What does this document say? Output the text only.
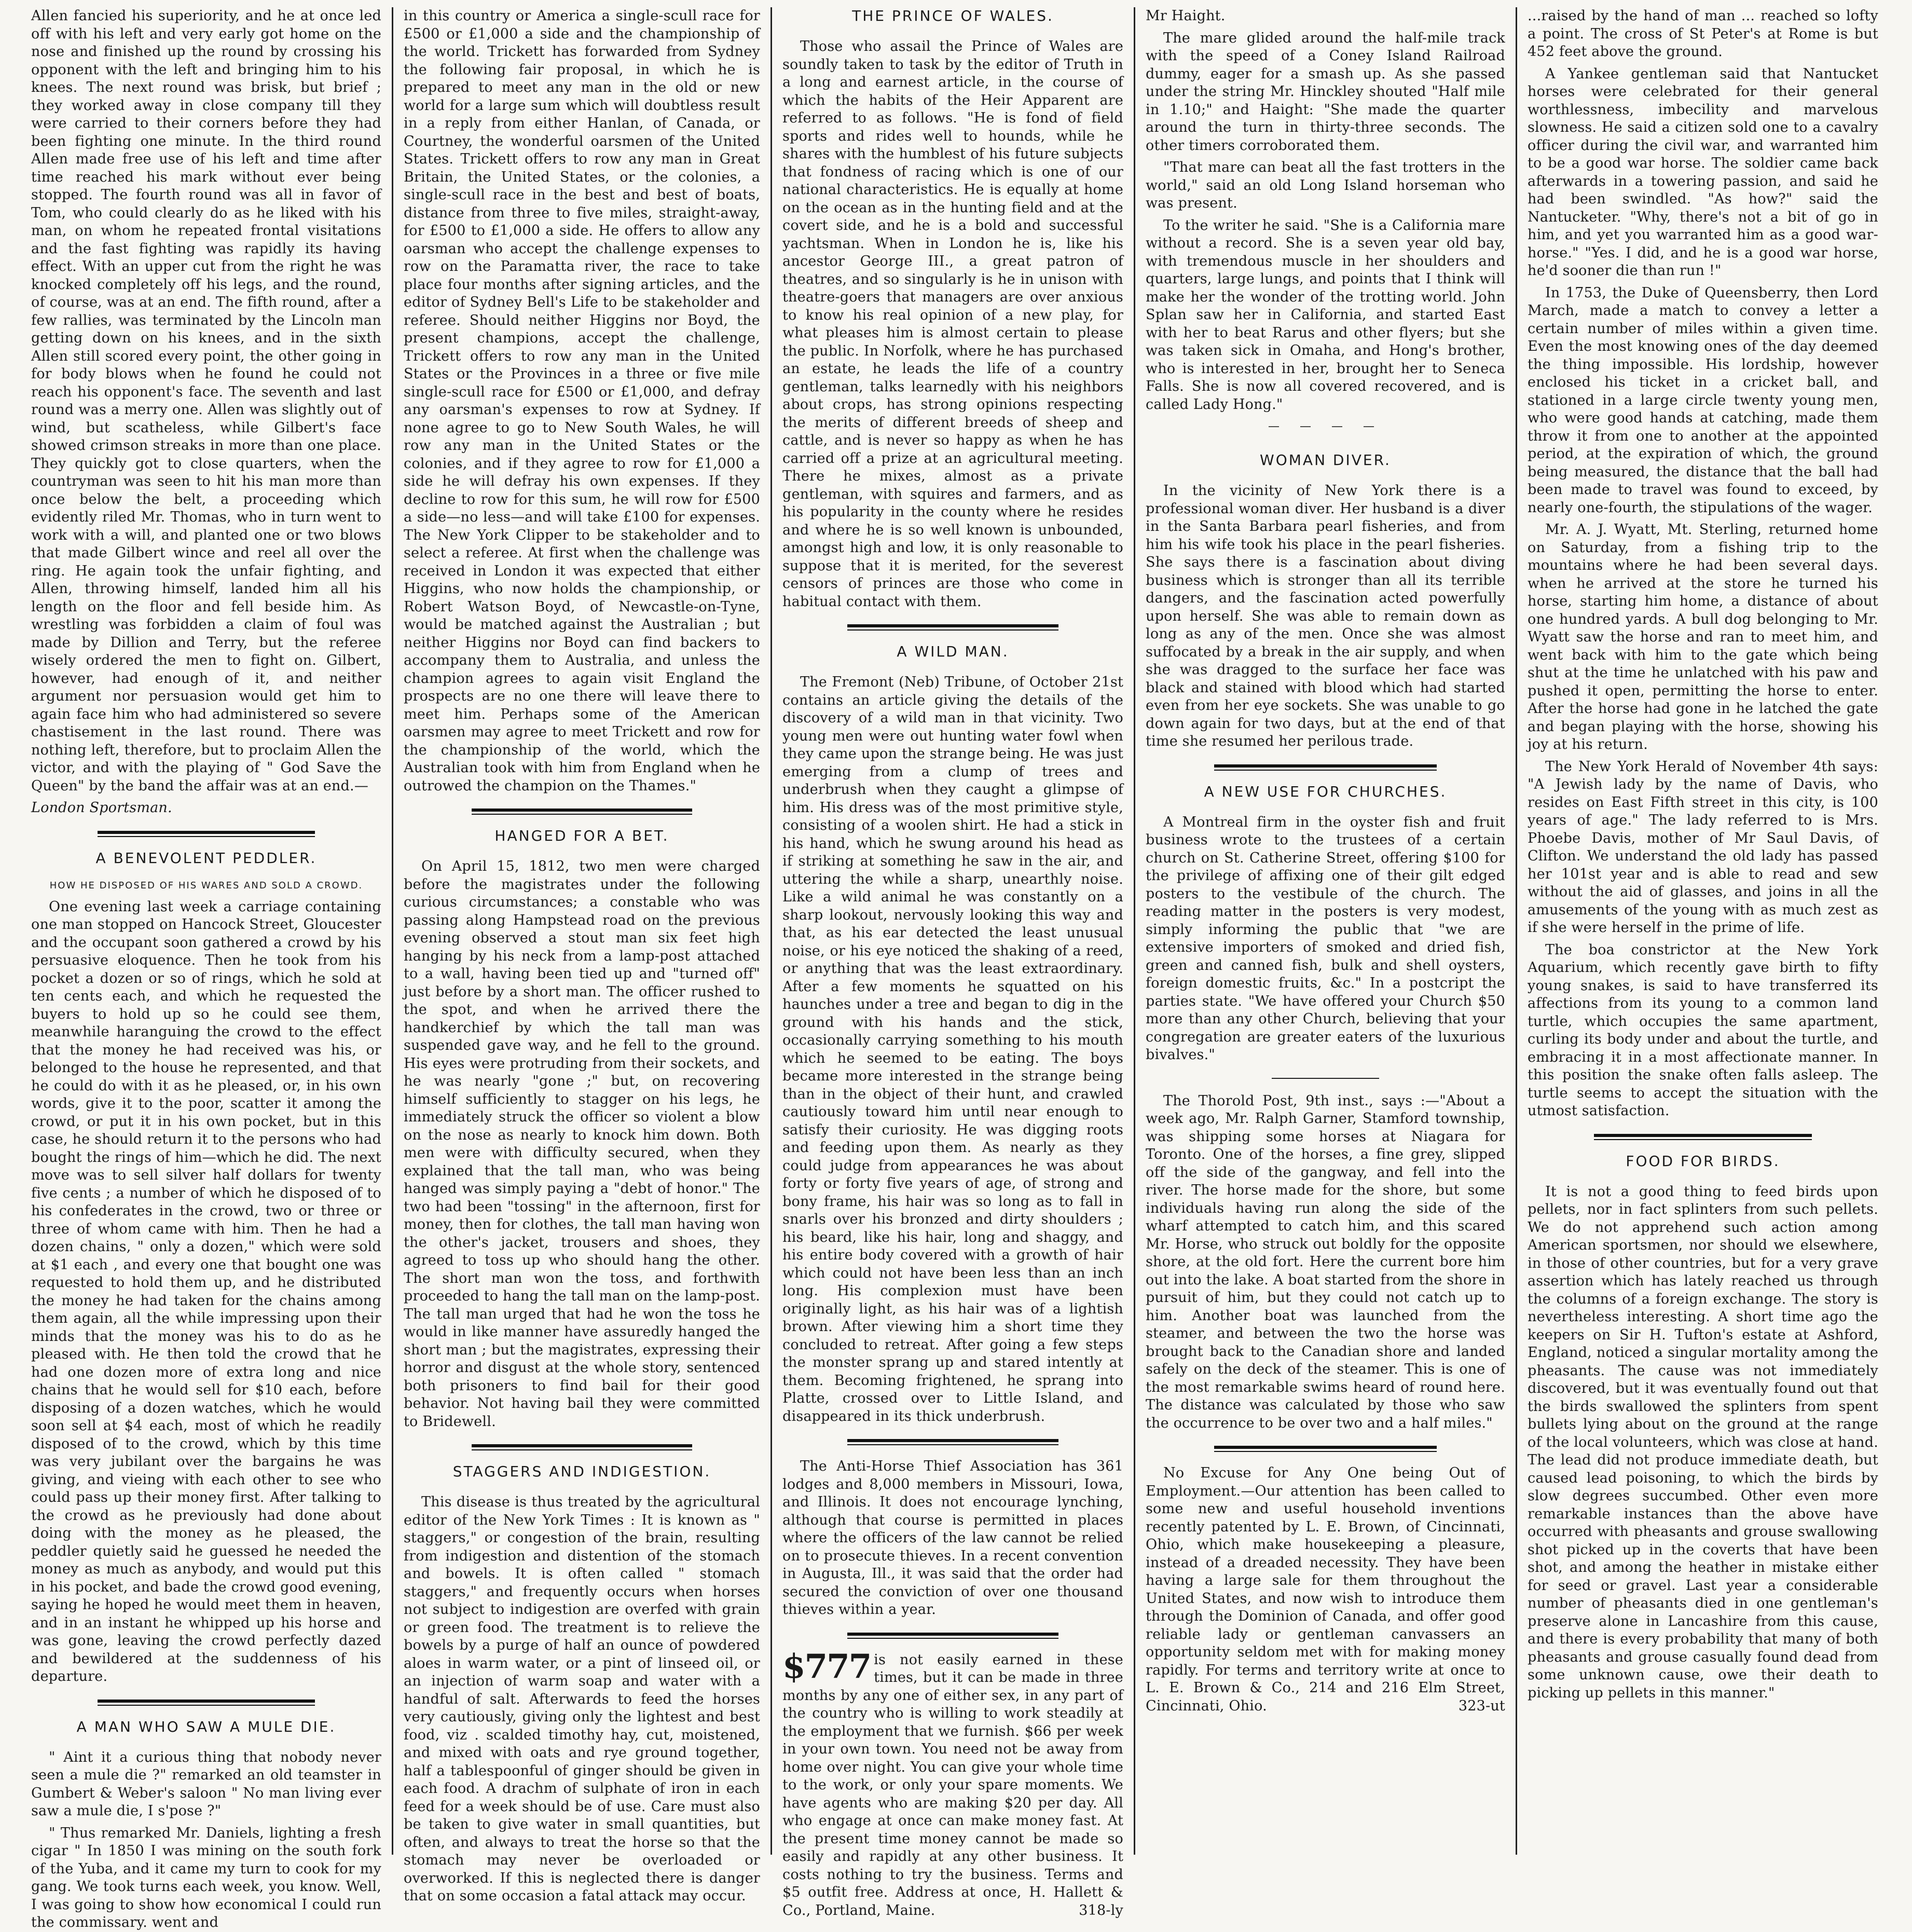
Allen fancied his superiority, and he at once led off with his left and very early got home on the nose and finished up the round by crossing his opponent with the left and bringing him to his knees. The next round was brisk, but brief ; they worked away in close company till they were carried to their corners before they had been fighting one minute. In the third round Allen made free use of his left and time after time reached his mark without ever being stopped. The fourth round was all in favor of Tom, who could clearly do as he liked with his man, on whom he repeated frontal visitations and the fast fighting was rapidly its having effect. With an upper cut from the right he was knocked completely off his legs, and the round, of course, was at an end. The fifth round, after a few rallies, was terminated by the Lincoln man getting down on his knees, and in the sixth Allen still scored every point, the other going in for body blows when he found he could not reach his opponent's face. The seventh and last round was a merry one. Allen was slightly out of wind, but scatheless, while Gilbert's face showed crimson streaks in more than one place. They quickly got to close quarters, when the countryman was seen to hit his man more than once below the belt, a proceeding which evidently riled Mr. Thomas, who in turn went to work with a will, and planted one or two blows that made Gilbert wince and reel all over the ring. He again took the unfair fighting, and Allen, throwing himself, landed him all his length on the floor and fell beside him. As wrestling was forbidden a claim of foul was made by Dillion and Terry, but the referee wisely ordered the men to fight on. Gilbert, however, had enough of it, and neither argument nor persuasion would get him to again face him who had administered so severe chastisement in the last round. There was nothing left, therefore, but to proclaim Allen the victor, and with the playing of " God Save the Queen" by the band the affair was at an end.—

London Sportsman.

A BENEVOLENT PEDDLER.
HOW HE DISPOSED OF HIS WARES AND SOLD A CROWD.

One evening last week a carriage containing one man stopped on Hancock Street, Gloucester and the occupant soon gathered a crowd by his persuasive eloquence. Then he took from his pocket a dozen or so of rings, which he sold at ten cents each, and which he requested the buyers to hold up so he could see them, meanwhile haranguing the crowd to the effect that the money he had received was his, or belonged to the house he represented, and that he could do with it as he pleased, or, in his own words, give it to the poor, scatter it among the crowd, or put it in his own pocket, but in this case, he should return it to the persons who had bought the rings of him—which he did. The next move was to sell silver half dollars for twenty five cents ; a number of which he disposed of to his confederates in the crowd, two or three or three of whom came with him. Then he had a dozen chains, " only a dozen," which were sold at $1 each , and every one that bought one was requested to hold them up, and he distributed the money he had taken for the chains among them again, all the while impressing upon their minds that the money was his to do as he pleased with. He then told the crowd that he had one dozen more of extra long and nice chains that he would sell for $10 each, before disposing of a dozen watches, which he would soon sell at $4 each, most of which he readily disposed of to the crowd, which by this time was very jubilant over the bargains he was giving, and vieing with each other to see who could pass up their money first. After talking to the crowd as he previously had done about doing with the money as he pleased, the peddler quietly said he guessed he needed the money as much as anybody, and would put this in his pocket, and bade the crowd good evening, saying he hoped he would meet them in heaven, and in an instant he whipped up his horse and was gone, leaving the crowd perfectly dazed and bewildered at the suddenness of his departure.

A MAN WHO SAW A MULE DIE.

" Aint it a curious thing that nobody never seen a mule die ?" remarked an old teamster in Gumbert & Weber's saloon " No man living ever saw a mule die, I s'pose ?"

" Thus remarked Mr. Daniels, lighting a fresh cigar " In 1850 I was mining on the south fork of the Yuba, and it came my turn to cook for my gang. We took turns each week, you know. Well, I was going to show how economical I could run the commissary. went and

in this country or America a single-scull race for £500 or £1,000 a side and the championship of the world. Trickett has forwarded from Sydney the following fair proposal, in which he is prepared to meet any man in the old or new world for a large sum which will doubtless result in a reply from either Hanlan, of Canada, or Courtney, the wonderful oarsmen of the United States. Trickett offers to row any man in Great Britain, the United States, or the colonies, a single-scull race in the best and best of boats, distance from three to five miles, straight-away, for £500 to £1,000 a side. He offers to allow any oarsman who accept the challenge expenses to row on the Paramatta river, the race to take place four months after signing articles, and the editor of Sydney Bell's Life to be stakeholder and referee. Should neither Higgins nor Boyd, the present champions, accept the challenge, Trickett offers to row any man in the United States or the Provinces in a three or five mile single-scull race for £500 or £1,000, and defray any oarsman's expenses to row at Sydney. If none agree to go to New South Wales, he will row any man in the United States or the colonies, and if they agree to row for £1,000 a side he will defray his own expenses. If they decline to row for this sum, he will row for £500 a side—no less—and will take £100 for expenses. The New York Clipper to be stakeholder and to select a referee. At first when the challenge was received in London it was expected that either Higgins, who now holds the championship, or Robert Watson Boyd, of Newcastle-on-Tyne, would be matched against the Australian ; but neither Higgins nor Boyd can find backers to accompany them to Australia, and unless the champion agrees to again visit England the prospects are no one there will leave there to meet him. Perhaps some of the American oarsmen may agree to meet Trickett and row for the championship of the world, which the Australian took with him from England when he outrowed the champion on the Thames."

HANGED FOR A BET.

On April 15, 1812, two men were charged before the magistrates under the following curious circumstances; a constable who was passing along Hampstead road on the previous evening observed a stout man six feet high hanging by his neck from a lamp-post attached to a wall, having been tied up and "turned off" just before by a short man. The officer rushed to the spot, and when he arrived there the handkerchief by which the tall man was suspended gave way, and he fell to the ground. His eyes were protruding from their sockets, and he was nearly "gone ;" but, on recovering himself sufficiently to stagger on his legs, he immediately struck the officer so violent a blow on the nose as nearly to knock him down. Both men were with difficulty secured, when they explained that the tall man, who was being hanged was simply paying a "debt of honor." The two had been "tossing" in the afternoon, first for money, then for clothes, the tall man having won the other's jacket, trousers and shoes, they agreed to toss up who should hang the other. The short man won the toss, and forthwith proceeded to hang the tall man on the lamp-post. The tall man urged that had he won the toss he would in like manner have assuredly hanged the short man ; but the magistrates, expressing their horror and disgust at the whole story, sentenced both prisoners to find bail for their good behavior. Not having bail they were committed to Bridewell.

STAGGERS AND INDIGESTION.

This disease is thus treated by the agricultural editor of the New York Times : It is known as " staggers," or congestion of the brain, resulting from indigestion and distention of the stomach and bowels. It is often called " stomach staggers," and frequently occurs when horses not subject to indigestion are overfed with grain or green food. The treatment is to relieve the bowels by a purge of half an ounce of powdered aloes in warm water, or a pint of linseed oil, or an injection of warm soap and water with a handful of salt. Afterwards to feed the horses very cautiously, giving only the lightest and best food, viz . scalded timothy hay, cut, moistened, and mixed with oats and rye ground together, half a tablespoonful of ginger should be given in each food. A drachm of sulphate of iron in each feed for a week should be of use. Care must also be taken to give water in small quantities, but often, and always to treat the horse so that the stomach may never be overloaded or overworked. If this is neglected there is danger that on some occasion a fatal attack may occur.

THE PRINCE OF WALES.

Those who assail the Prince of Wales are soundly taken to task by the editor of Truth in a long and earnest article, in the course of which the habits of the Heir Apparent are referred to as follows. "He is fond of field sports and rides well to hounds, while he shares with the humblest of his future subjects that fondness of racing which is one of our national characteristics. He is equally at home on the ocean as in the hunting field and at the covert side, and he is a bold and successful yachtsman. When in London he is, like his ancestor George III., a great patron of theatres, and so singularly is he in unison with theatre-goers that managers are over anxious to know his real opinion of a new play, for what pleases him is almost certain to please the public. In Norfolk, where he has purchased an estate, he leads the life of a country gentleman, talks learnedly with his neighbors about crops, has strong opinions respecting the merits of different breeds of sheep and cattle, and is never so happy as when he has carried off a prize at an agricultural meeting. There he mixes, almost as a private gentleman, with squires and farmers, and as his popularity in the county where he resides and where he is so well known is unbounded, amongst high and low, it is only reasonable to suppose that it is merited, for the severest censors of princes are those who come in habitual contact with them.

A WILD MAN.

The Fremont (Neb) Tribune, of October 21st contains an article giving the details of the discovery of a wild man in that vicinity. Two young men were out hunting water fowl when they came upon the strange being. He was just emerging from a clump of trees and underbrush when they caught a glimpse of him. His dress was of the most primitive style, consisting of a woolen shirt. He had a stick in his hand, which he swung around his head as if striking at something he saw in the air, and uttering the while a sharp, unearthly noise. Like a wild animal he was constantly on a sharp lookout, nervously looking this way and that, as his ear detected the least unusual noise, or his eye noticed the shaking of a reed, or anything that was the least extraordinary. After a few moments he squatted on his haunches under a tree and began to dig in the ground with his hands and the stick, occasionally carrying something to his mouth which he seemed to be eating. The boys became more interested in the strange being than in the object of their hunt, and crawled cautiously toward him until near enough to satisfy their curiosity. He was digging roots and feeding upon them. As nearly as they could judge from appearances he was about forty or forty five years of age, of strong and bony frame, his hair was so long as to fall in snarls over his bronzed and dirty shoulders ; his beard, like his hair, long and shaggy, and his entire body covered with a growth of hair which could not have been less than an inch long. His complexion must have been originally light, as his hair was of a lightish brown. After viewing him a short time they concluded to retreat. After going a few steps the monster sprang up and stared intently at them. Becoming frightened, he sprang into Platte, crossed over to Little Island, and disappeared in its thick underbrush.

The Anti-Horse Thief Association has 361 lodges and 8,000 members in Missouri, Iowa, and Illinois. It does not encourage lynching, although that course is permitted in places where the officers of the law cannot be relied on to prosecute thieves. In a recent convention in Augusta, Ill., it was said that the order had secured the conviction of over one thousand thieves within a year.

$777 is not easily earned in these times, but it can be made in three months by any one of either sex, in any part of the country who is willing to work steadily at the employment that we furnish. $66 per week in your own town. You need not be away from home over night. You can give your whole time to the work, or only your spare moments. We have agents who are making $20 per day. All who engage at once can make money fast. At the present time money cannot be made so easily and rapidly at any other business. It costs nothing to try the business. Terms and $5 outfit free. Address at once, H. Hallett & Co., Portland, Maine.	318-ly

Mr Haight.

The mare glided around the half-mile track with the speed of a Coney Island Railroad dummy, eager for a smash up. As she passed under the string Mr. Hinckley shouted "Half mile in 1.10;" and Haight: "She made the quarter around the turn in thirty-three seconds. The other timers corroborated them.

"That mare can beat all the fast trotters in the world," said an old Long Island horseman who was present.

To the writer he said. "She is a California mare without a record. She is a seven year old bay, with tremendous muscle in her shoulders and quarters, large lungs, and points that I think will make her the wonder of the trotting world. John Splan saw her in California, and started East with her to beat Rarus and other flyers; but she was taken sick in Omaha, and Hong's brother, who is interested in her, brought her to Seneca Falls. She is now all covered recovered, and is called Lady Hong."

— — — —
WOMAN DIVER.

In the vicinity of New York there is a professional woman diver. Her husband is a diver in the Santa Barbara pearl fisheries, and from him his wife took his place in the pearl fisheries. She says there is a fascination about diving business which is stronger than all its terrible dangers, and the fascination acted powerfully upon herself. She was able to remain down as long as any of the men. Once she was almost suffocated by a break in the air supply, and when she was dragged to the surface her face was black and stained with blood which had started even from her eye sockets. She was unable to go down again for two days, but at the end of that time she resumed her perilous trade.

A NEW USE FOR CHURCHES.

A Montreal firm in the oyster fish and fruit business wrote to the trustees of a certain church on St. Catherine Street, offering $100 for the privilege of affixing one of their gilt edged posters to the vestibule of the church. The reading matter in the posters is very modest, simply informing the public that "we are extensive importers of smoked and dried fish, green and canned fish, bulk and shell oysters, foreign domestic fruits, &c." In a postcript the parties state. "We have offered your Church $50 more than any other Church, believing that your congregation are greater eaters of the luxurious bivalves."

The Thorold Post, 9th inst., says :—"About a week ago, Mr. Ralph Garner, Stamford township, was shipping some horses at Niagara for Toronto. One of the horses, a fine grey, slipped off the side of the gangway, and fell into the river. The horse made for the shore, but some individuals having run along the side of the wharf attempted to catch him, and this scared Mr. Horse, who struck out boldly for the opposite shore, at the old fort. Here the current bore him out into the lake. A boat started from the shore in pursuit of him, but they could not catch up to him. Another boat was launched from the steamer, and between the two the horse was brought back to the Canadian shore and landed safely on the deck of the steamer. This is one of the most remarkable swims heard of round here. The distance was calculated by those who saw the occurrence to be over two and a half miles."

No Excuse for Any One being Out of Employment.—Our attention has been called to some new and useful household inventions recently patented by L. E. Brown, of Cincinnati, Ohio, which make housekeeping a pleasure, instead of a dreaded necessity. They have been having a large sale for them throughout the United States, and now wish to introduce them through the Dominion of Canada, and offer good reliable lady or gentleman canvassers an opportunity seldom met with for making money rapidly. For terms and territory write at once to L. E. Brown & Co., 214 and 216 Elm Street, Cincinnati, Ohio.	323-ut

...raised by the hand of man ... reached so lofty a point. The cross of St Peter's at Rome is but 452 feet above the ground.

A Yankee gentleman said that Nantucket horses were celebrated for their general worthlessness, imbecility and marvelous slowness. He said a citizen sold one to a cavalry officer during the civil war, and warranted him to be a good war horse. The soldier came back afterwards in a towering passion, and said he had been swindled. "As how?" said the Nantucketer. "Why, there's not a bit of go in him, and yet you warranted him as a good war-horse." "Yes. I did, and he is a good war horse, he'd sooner die than run !"

In 1753, the Duke of Queensberry, then Lord March, made a match to convey a letter a certain number of miles within a given time. Even the most knowing ones of the day deemed the thing impossible. His lordship, however enclosed his ticket in a cricket ball, and stationed in a large circle twenty young men, who were good hands at catching, made them throw it from one to another at the appointed period, at the expiration of which, the ground being measured, the distance that the ball had been made to travel was found to exceed, by nearly one-fourth, the stipulations of the wager.

Mr. A. J. Wyatt, Mt. Sterling, returned home on Saturday, from a fishing trip to the mountains where he had been several days. when he arrived at the store he turned his horse, starting him home, a distance of about one hundred yards. A bull dog belonging to Mr. Wyatt saw the horse and ran to meet him, and went back with him to the gate which being shut at the time he unlatched with his paw and pushed it open, permitting the horse to enter. After the horse had gone in he latched the gate and began playing with the horse, showing his joy at his return.

The New York Herald of November 4th says: "A Jewish lady by the name of Davis, who resides on East Fifth street in this city, is 100 years of age." The lady referred to is Mrs. Phoebe Davis, mother of Mr Saul Davis, of Clifton. We understand the old lady has passed her 101st year and is able to read and sew without the aid of glasses, and joins in all the amusements of the young with as much zest as if she were herself in the prime of life.

The boa constrictor at the New York Aquarium, which recently gave birth to fifty young snakes, is said to have transferred its affections from its young to a common land turtle, which occupies the same apartment, curling its body under and about the turtle, and embracing it in a most affectionate manner. In this position the snake often falls asleep. The turtle seems to accept the situation with the utmost satisfaction.

FOOD FOR BIRDS.

It is not a good thing to feed birds upon pellets, nor in fact splinters from such pellets. We do not apprehend such action among American sportsmen, nor should we elsewhere, in those of other countries, but for a very grave assertion which has lately reached us through the columns of a foreign exchange. The story is nevertheless interesting. A short time ago the keepers on Sir H. Tufton's estate at Ashford, England, noticed a singular mortality among the pheasants. The cause was not immediately discovered, but it was eventually found out that the birds swallowed the splinters from spent bullets lying about on the ground at the range of the local volunteers, which was close at hand. The lead did not produce immediate death, but caused lead poisoning, to which the birds by slow degrees succumbed. Other even more remarkable instances than the above have occurred with pheasants and grouse swallowing shot picked up in the coverts that have been shot, and among the heather in mistake either for seed or gravel. Last year a considerable number of pheasants died in one gentleman's preserve alone in Lancashire from this cause, and there is every probability that many of both pheasants and grouse casually found dead from some unknown cause, owe their death to picking up pellets in this manner."
